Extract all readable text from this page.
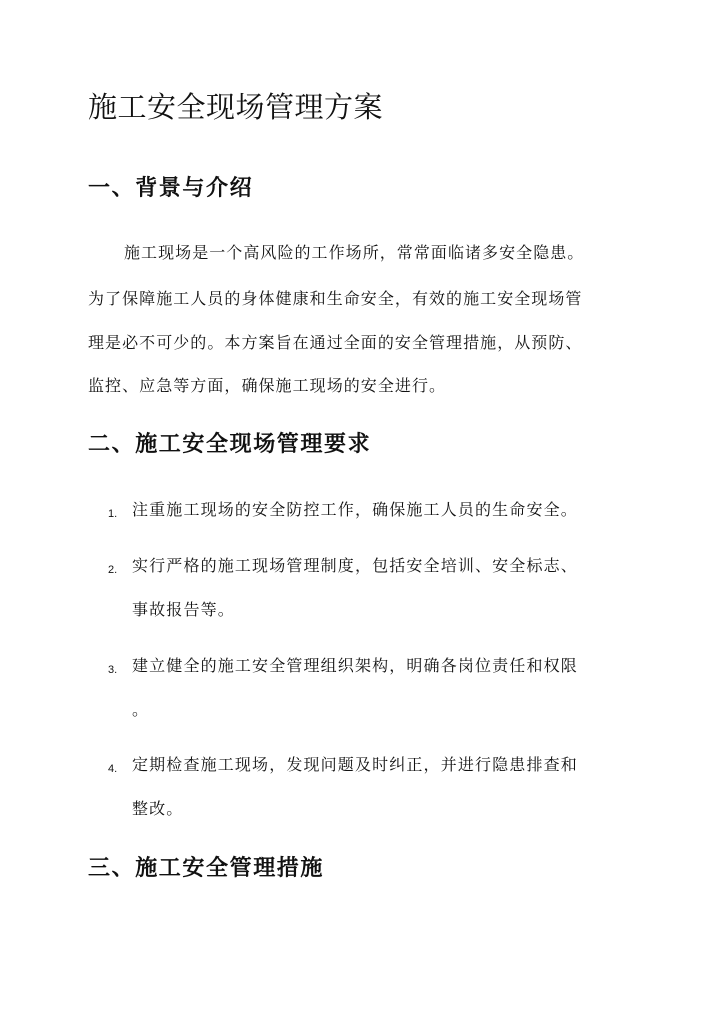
施工安全现场管理方案
一、背景与介绍

施工现场是一个高风险的工作场所，常常面临诸多安全隐患。

为了保障施工人员的身体健康和生命安全，有效的施工安全现场管

理是必不可少的。本方案旨在通过全面的安全管理措施，从预防、

监控、应急等方面，确保施工现场的安全进行。

二、施工安全现场管理要求
1. 注重施工现场的安全防控工作，确保施工人员的生命安全。

2. 实行严格的施工现场管理制度，包括安全培训、安全标志、

事故报告等。

3. 建立健全的施工安全管理组织架构，明确各岗位责任和权限

。

4. 定期检查施工现场，发现问题及时纠正，并进行隐患排查和

整改。

三、施工安全管理措施
